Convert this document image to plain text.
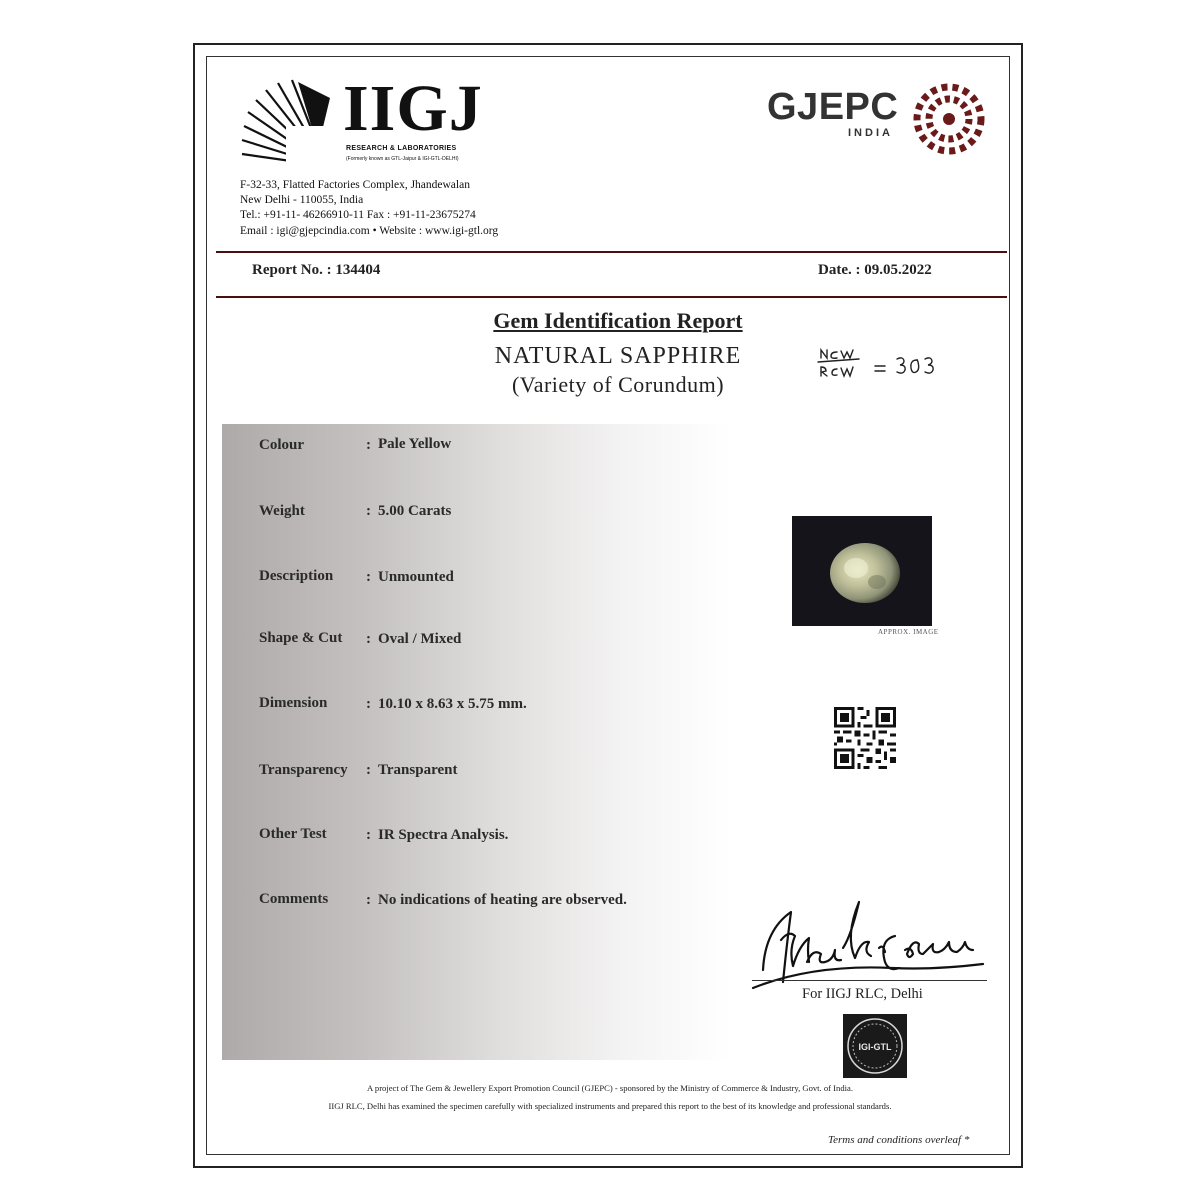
IIGJ
RESEARCH & LABORATORIES
(Formerly known as GTL-Jaipur & IGI-GTL-DELHI)
F-32-33, Flatted Factories Complex, Jhandewalan
New Delhi - 110055, India
Tel.: +91-11- 46266910-11 Fax : +91-11-23675274
Email : igi@gjepcindia.com • Website : www.igi-gtl.org
GJEPC
INDIA
Report No. : 134404	Date. : 09.05.2022
Gem Identification Report
NATURAL SAPPHIRE
(Variety of Corundum)
Colour	: Pale Yellow
Weight	: 5.00 Carats
Description : Unmounted
Shape & Cut : Oval / Mixed
Dimension	: 10.10 x 8.63 x 5.75 mm.
Transparency : Transparent
Other Test	: IR Spectra Analysis.
Comments	: No indications of heating are observed.
APPROX. IMAGE
For IIGJ RLC, Delhi
IGI-GTL
A project of The Gem & Jewellery Export Promotion Council (GJEPC) - sponsored by the Ministry of Commerce & Industry, Govt. of India.
IIGJ RLC, Delhi has examined the specimen carefully with specialized instruments and prepared this report to the best of its knowledge and professional standards.
Terms and conditions overleaf *
